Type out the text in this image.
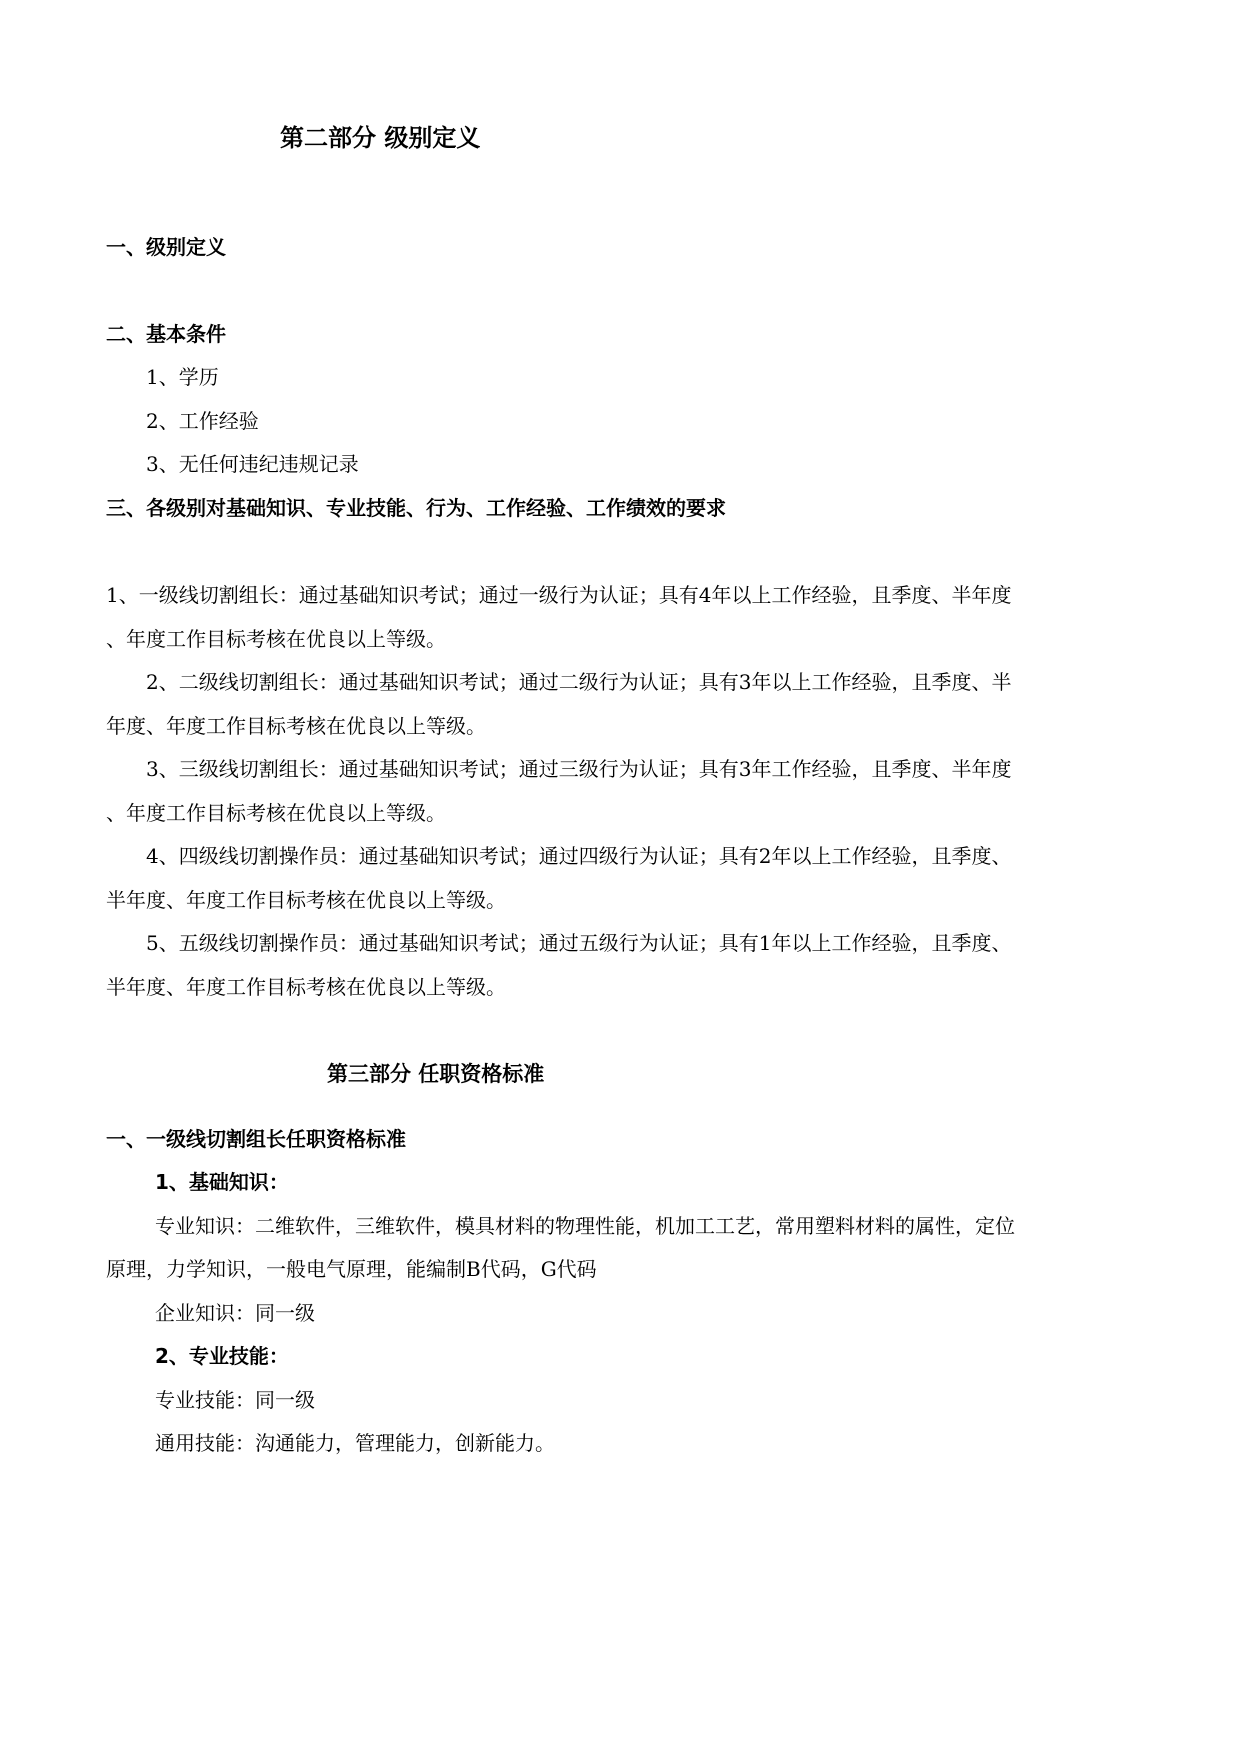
第二部分 级别定义
一、级别定义
二、基本条件
1、学历
2、工作经验
3、无任何违纪违规记录
三、各级别对基础知识、专业技能、行为、工作经验、工作绩效的要求
1、一级线切割组长：通过基础知识考试；通过一级行为认证；具有4年以上工作经验，且季度、半年度
、年度工作目标考核在优良以上等级。
2、二级线切割组长：通过基础知识考试；通过二级行为认证；具有3年以上工作经验，且季度、半
年度、年度工作目标考核在优良以上等级。
3、三级线切割组长：通过基础知识考试；通过三级行为认证；具有3年工作经验，且季度、半年度
、年度工作目标考核在优良以上等级。
4、四级线切割操作员：通过基础知识考试；通过四级行为认证；具有2年以上工作经验，且季度、
半年度、年度工作目标考核在优良以上等级。
5、五级线切割操作员：通过基础知识考试；通过五级行为认证；具有1年以上工作经验，且季度、
半年度、年度工作目标考核在优良以上等级。
第三部分 任职资格标准
一、一级线切割组长任职资格标准
1、基础知识：
专业知识：二维软件，三维软件，模具材料的物理性能，机加工工艺，常用塑料材料的属性，定位
原理，力学知识，一般电气原理，能编制B代码，G代码
企业知识：同一级
2、专业技能：
专业技能：同一级
通用技能：沟通能力，管理能力，创新能力。
